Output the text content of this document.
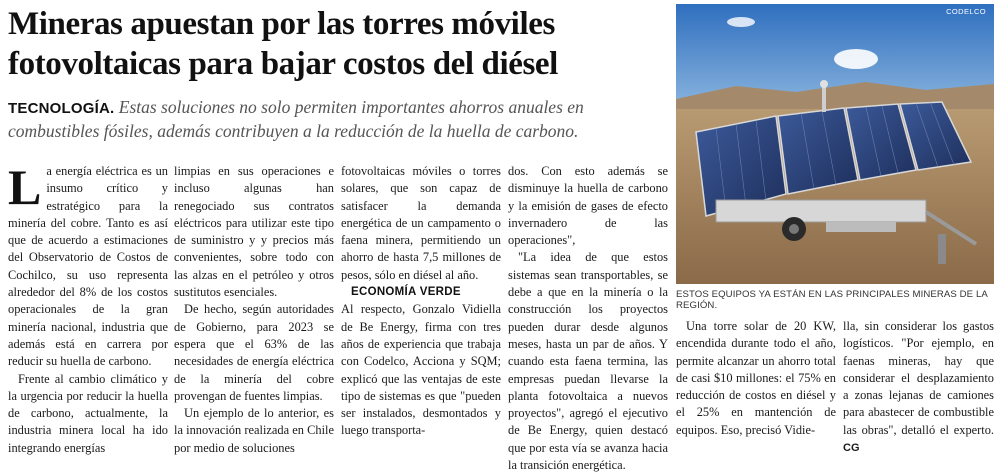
Mineras apuestan por las torres móviles fotovoltaicas para bajar costos del diésel

TECNOLOGÍA. Estas soluciones no solo permiten importantes ahorros anuales en combustibles fósiles, además contribuyen a la reducción de la huella de carbono.

La energía eléctrica es un insumo crítico y estratégico para la minería del cobre. Tanto es así que de acuerdo a estimaciones del Observatorio de Costos de Cochilco, su uso representa alrededor del 8% de los costos operacionales de la gran minería nacional, industria que además está en carrera por reducir su huella de carbono.

Frente al cambio climático y la urgencia por reducir la huella de carbono, actualmente, la industria minera local ha ido integrando energías

limpias en sus operaciones e incluso algunas han renegociado sus contratos eléctricos para utilizar este tipo de suministro y y precios más convenientes, sobre todo con las alzas en el petróleo y otros sustitutos esenciales.

De hecho, según autoridades de Gobierno, para 2023 se espera que el 63% de las necesidades de energía eléctrica de la minería del cobre provengan de fuentes limpias.

Un ejemplo de lo anterior, es la innovación realizada en Chile por medio de soluciones

fotovoltaicas móviles o torres solares, que son capaz de satisfacer la demanda energética de un campamento o faena minera, permitiendo un ahorro de hasta 7,5 millones de pesos, sólo en diésel al año.

ECONOMÍA VERDE

Al respecto, Gonzalo Vidiella de Be Energy, firma con tres años de experiencia que trabaja con Codelco, Acciona y SQM; explicó que las ventajas de este tipo de sistemas es que "pueden ser instalados, desmontados y luego transporta-

dos. Con esto además se disminuye la huella de carbono y la emisión de gases de efecto invernadero de las operaciones",

"La idea de que estos sistemas sean transportables, se debe a que en la minería o la construcción los proyectos pueden durar desde algunos meses, hasta un par de años. Y cuando esta faena termina, las empresas puedan llevarse la planta fotovoltaica a nuevos proyectos", agregó el ejecutivo de Be Energy, quien destacó que por esta vía se avanza hacia la transición energética.

CODELCO
ESTOS EQUIPOS YA ESTÁN EN LAS PRINCIPALES MINERAS DE LA REGIÓN.

Una torre solar de 20 KW, encendida durante todo el año, permite alcanzar un ahorro total de casi $10 millones: el 75% en reducción de costos en diésel y el 25% en mantención de equipos. Eso, precisó Vidie-

lla, sin considerar los gastos logísticos. "Por ejemplo, en faenas mineras, hay que considerar el desplazamiento a zonas lejanas de camiones para abastecer de combustible las obras", detalló el experto. CG
